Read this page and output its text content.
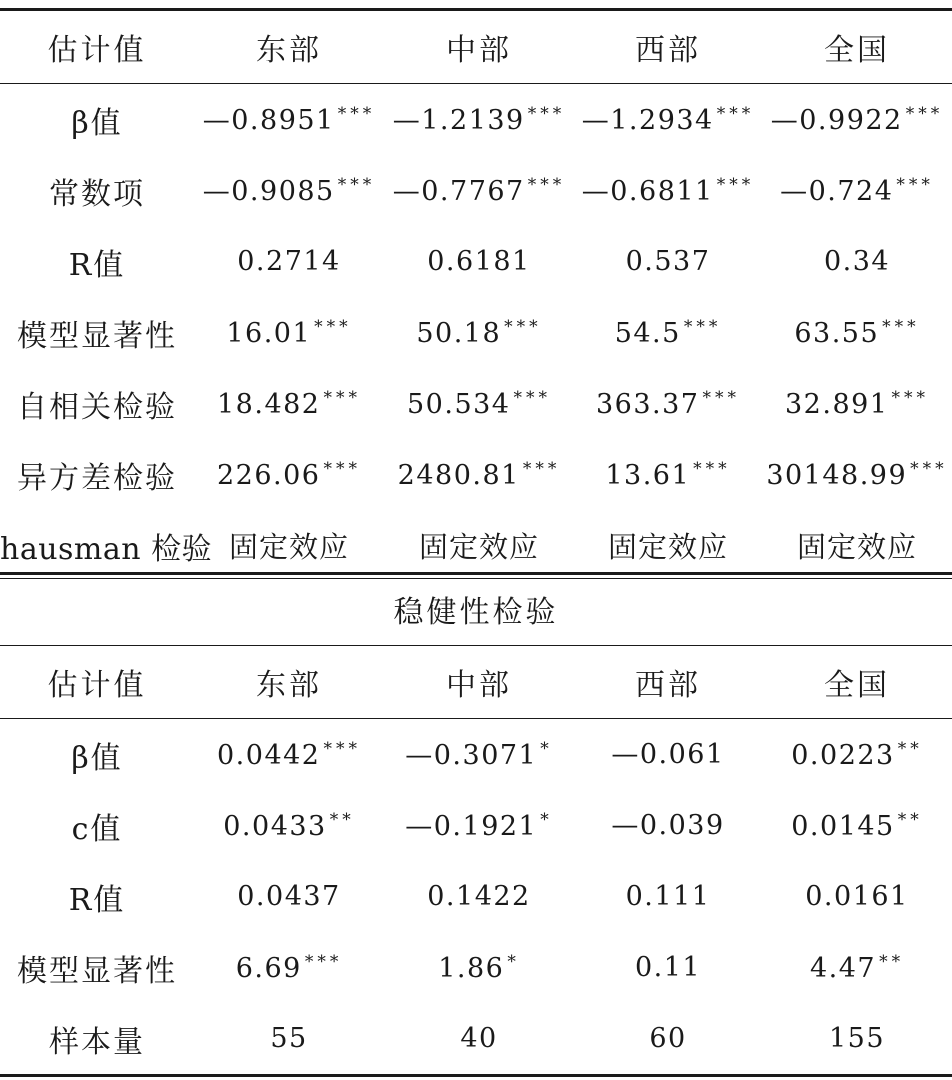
估计值	东部	中部	西部	全国
β值	—0.8951 ***	—1.2139 ***	—1.2934 ***	—0.9922 ***
常数项	—0.9085 ***	—0.7767 ***	—0.6811 ***	—0.724 ***
R值	0.2714	0.6181	0.537	0.34
模型显著性	16.01 ***	50.18 ***	54.5 ***	63.55 ***
自相关检验	18.482 ***	50.534 ***	363.37 ***	32.891 ***
异方差检验	226.06 ***	2480.81 ***	13.61 ***	30148.99 ***
hausman 检验	固定效应	固定效应	固定效应	固定效应
稳健性检验
估计值	东部	中部	西部	全国
β值	0.0442 ***	—0.3071 *	—0.061	0.0223 **
c值	0.0433 **	—0.1921 *	—0.039	0.0145 **
R值	0.0437	0.1422	0.111	0.0161
模型显著性	6.69 ***	1.86 *	0.11	4.47 **
样本量	55	40	60	155
